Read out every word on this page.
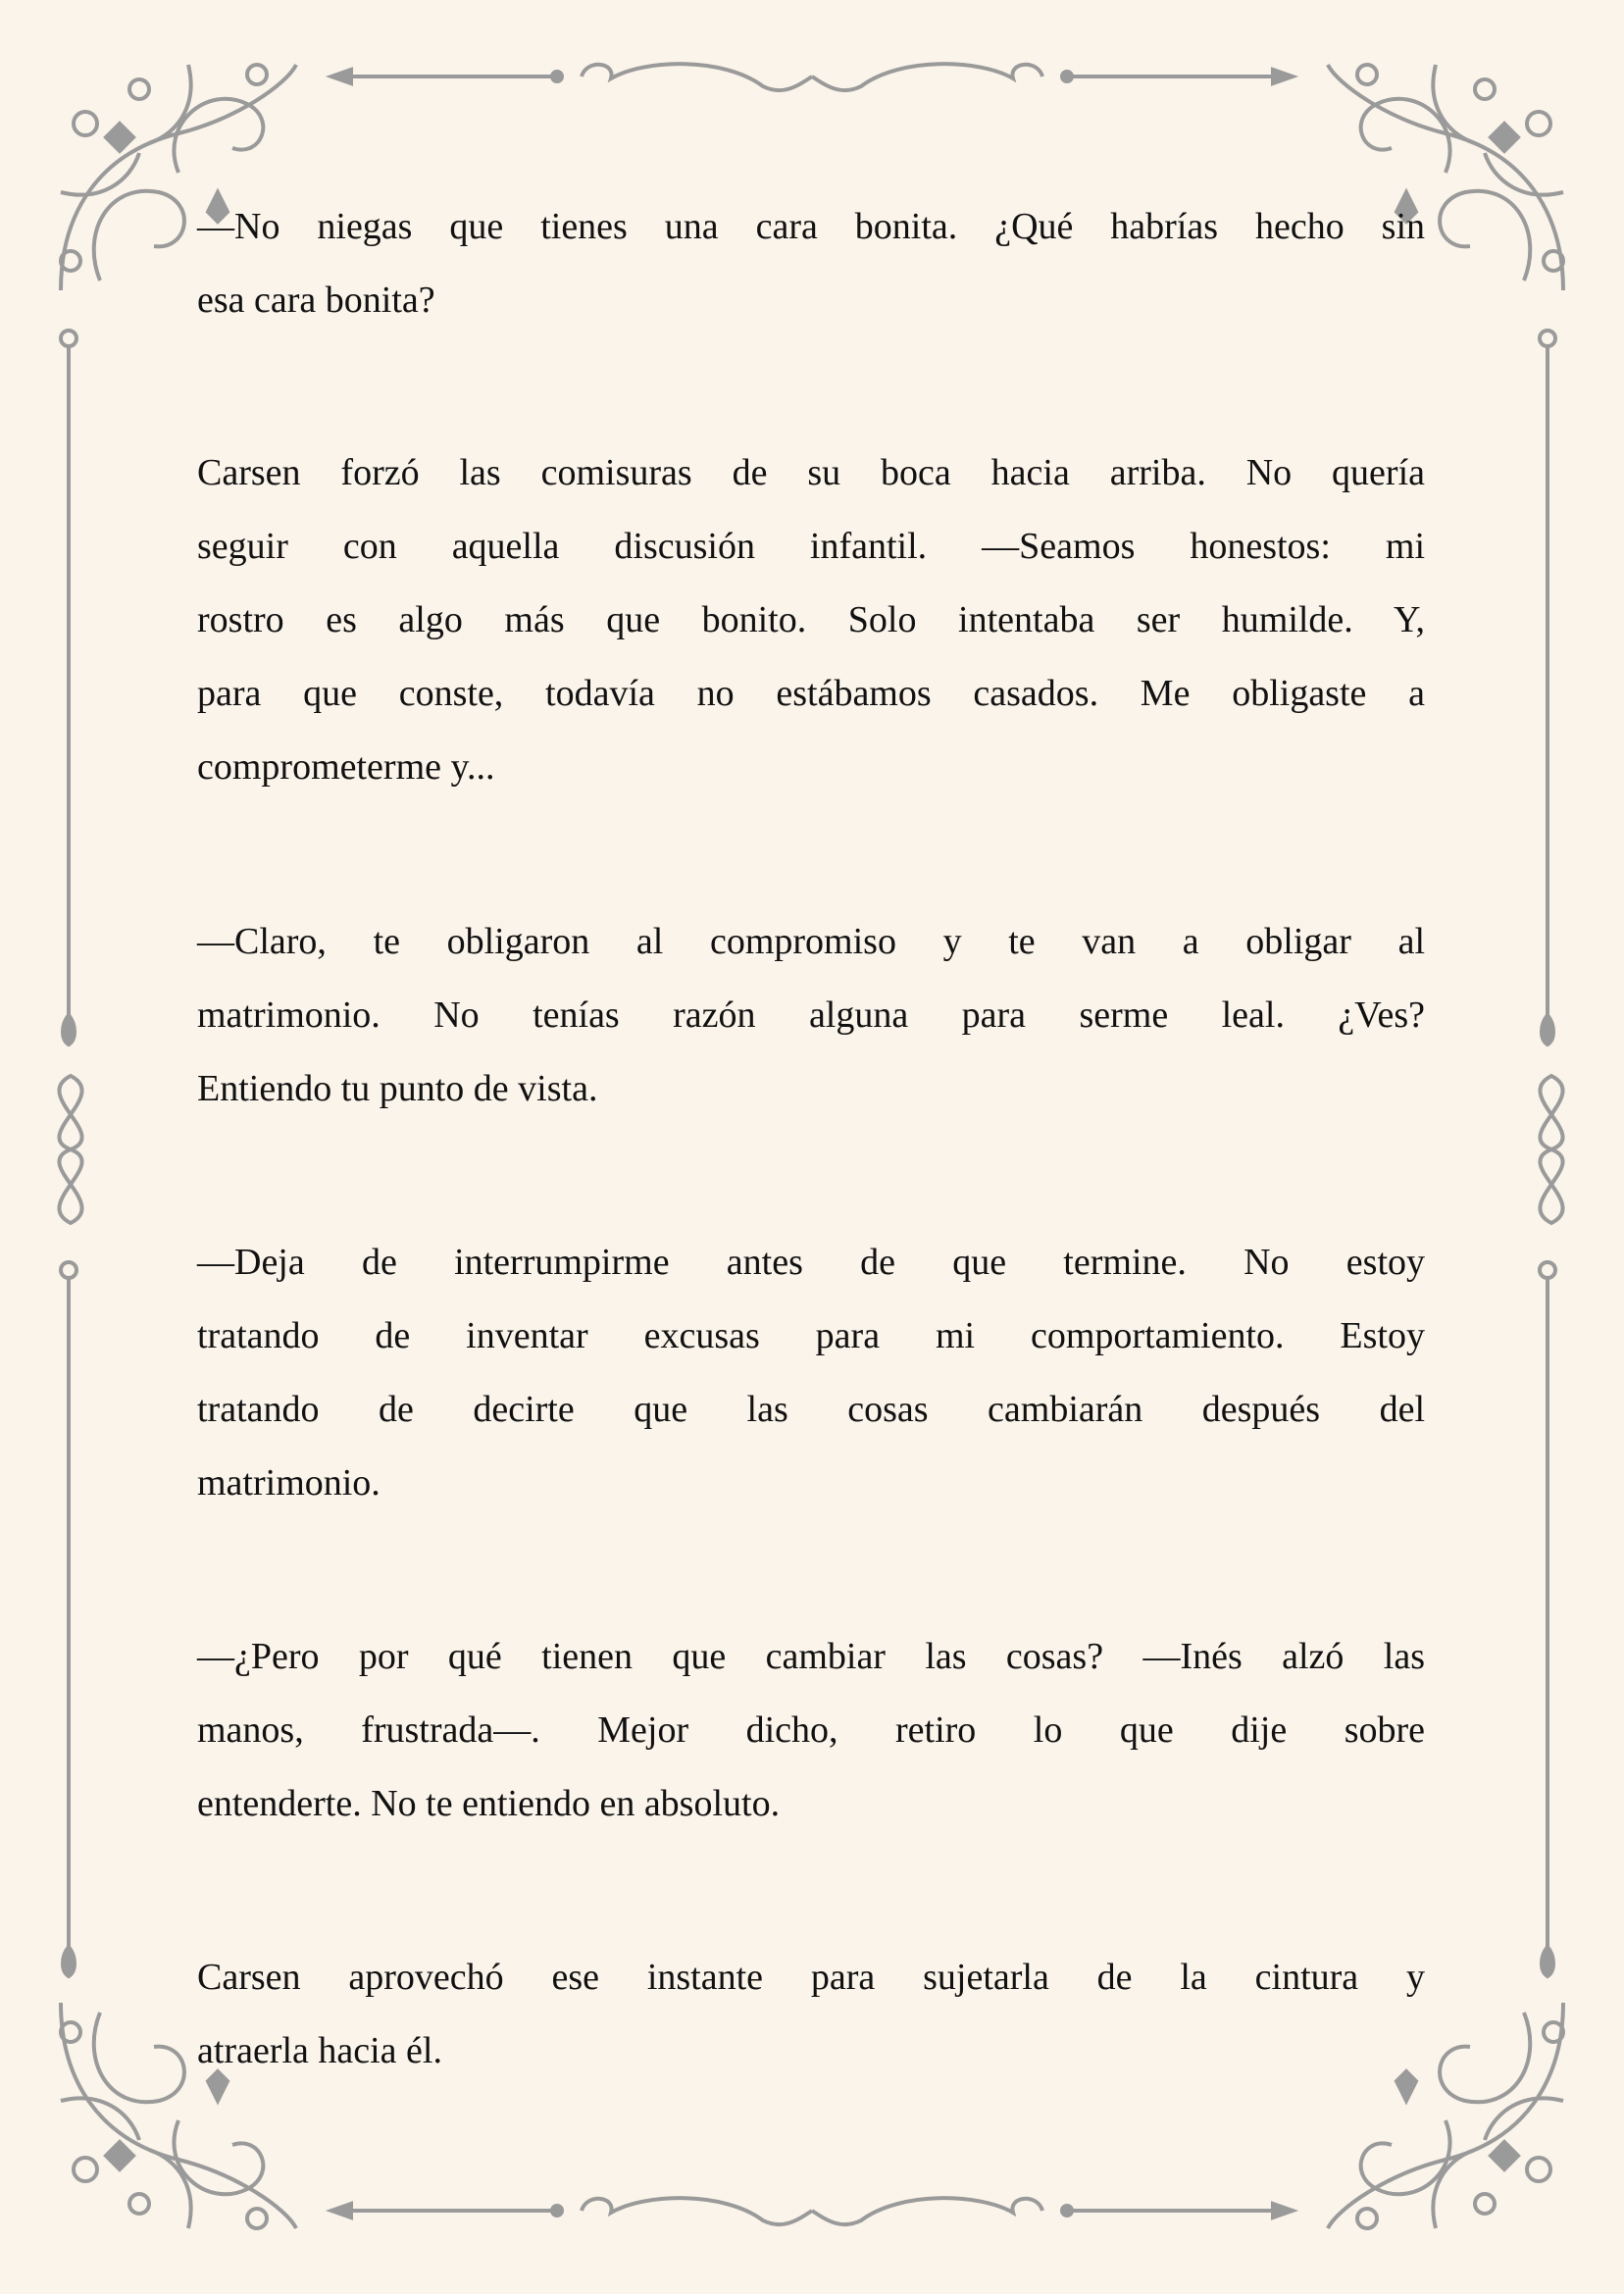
—No niegas que tienes una cara bonita. ¿Qué habrías hecho sin
esa cara bonita?
Carsen forzó las comisuras de su boca hacia arriba. No quería
seguir con aquella discusión infantil. —Seamos honestos: mi
rostro es algo más que bonito. Solo intentaba ser humilde. Y,
para que conste, todavía no estábamos casados. Me obligaste a
comprometerme y...
—Claro, te obligaron al compromiso y te van a obligar al
matrimonio. No tenías razón alguna para serme leal. ¿Ves?
Entiendo tu punto de vista.
—Deja de interrumpirme antes de que termine. No estoy
tratando de inventar excusas para mi comportamiento. Estoy
tratando de decirte que las cosas cambiarán después del
matrimonio.
—¿Pero por qué tienen que cambiar las cosas? —Inés alzó las
manos, frustrada—. Mejor dicho, retiro lo que dije sobre
entenderte. No te entiendo en absoluto.
Carsen aprovechó ese instante para sujetarla de la cintura y
atraerla hacia él.
